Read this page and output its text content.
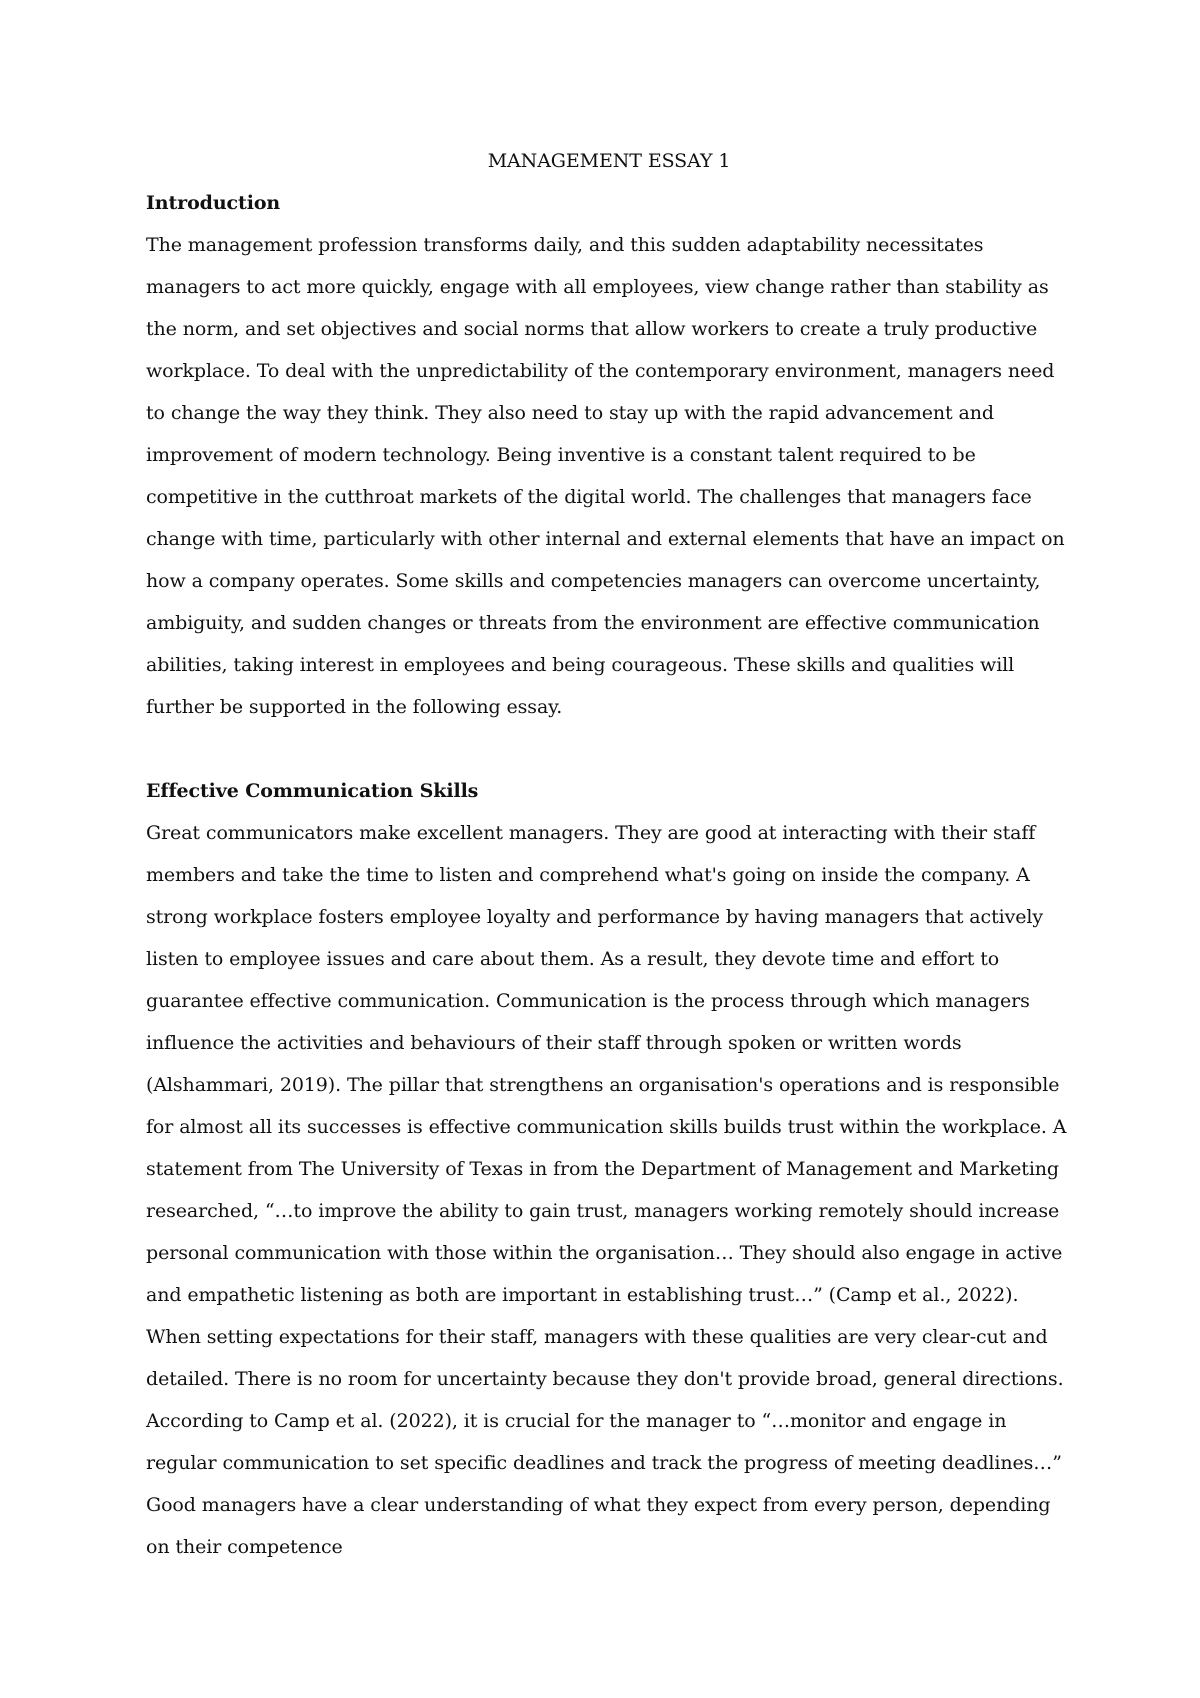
MANAGEMENT ESSAY 1

Introduction

The management profession transforms daily, and this sudden adaptability necessitates managers to act more quickly, engage with all employees, view change rather than stability as the norm, and set objectives and social norms that allow workers to create a truly productive workplace. To deal with the unpredictability of the contemporary environment, managers need to change the way they think. They also need to stay up with the rapid advancement and improvement of modern technology. Being inventive is a constant talent required to be competitive in the cutthroat markets of the digital world. The challenges that managers face change with time, particularly with other internal and external elements that have an impact on how a company operates. Some skills and competencies managers can overcome uncertainty, ambiguity, and sudden changes or threats from the environment are effective communication abilities, taking interest in employees and being courageous. These skills and qualities will further be supported in the following essay.

Effective Communication Skills

Great communicators make excellent managers. They are good at interacting with their staff members and take the time to listen and comprehend what's going on inside the company. A strong workplace fosters employee loyalty and performance by having managers that actively listen to employee issues and care about them. As a result, they devote time and effort to guarantee effective communication. Communication is the process through which managers influence the activities and behaviours of their staff through spoken or written words (Alshammari, 2019). The pillar that strengthens an organisation's operations and is responsible for almost all its successes is effective communication skills builds trust within the workplace. A statement from The University of Texas in from the Department of Management and Marketing researched, “…to improve the ability to gain trust, managers working remotely should increase personal communication with those within the organisation… They should also engage in active and empathetic listening as both are important in establishing trust…” (Camp et al., 2022). When setting expectations for their staff, managers with these qualities are very clear-cut and detailed. There is no room for uncertainty because they don't provide broad, general directions. According to Camp et al. (2022), it is crucial for the manager to “…monitor and engage in regular communication to set specific deadlines and track the progress of meeting deadlines…” Good managers have a clear understanding of what they expect from every person, depending on their competence
